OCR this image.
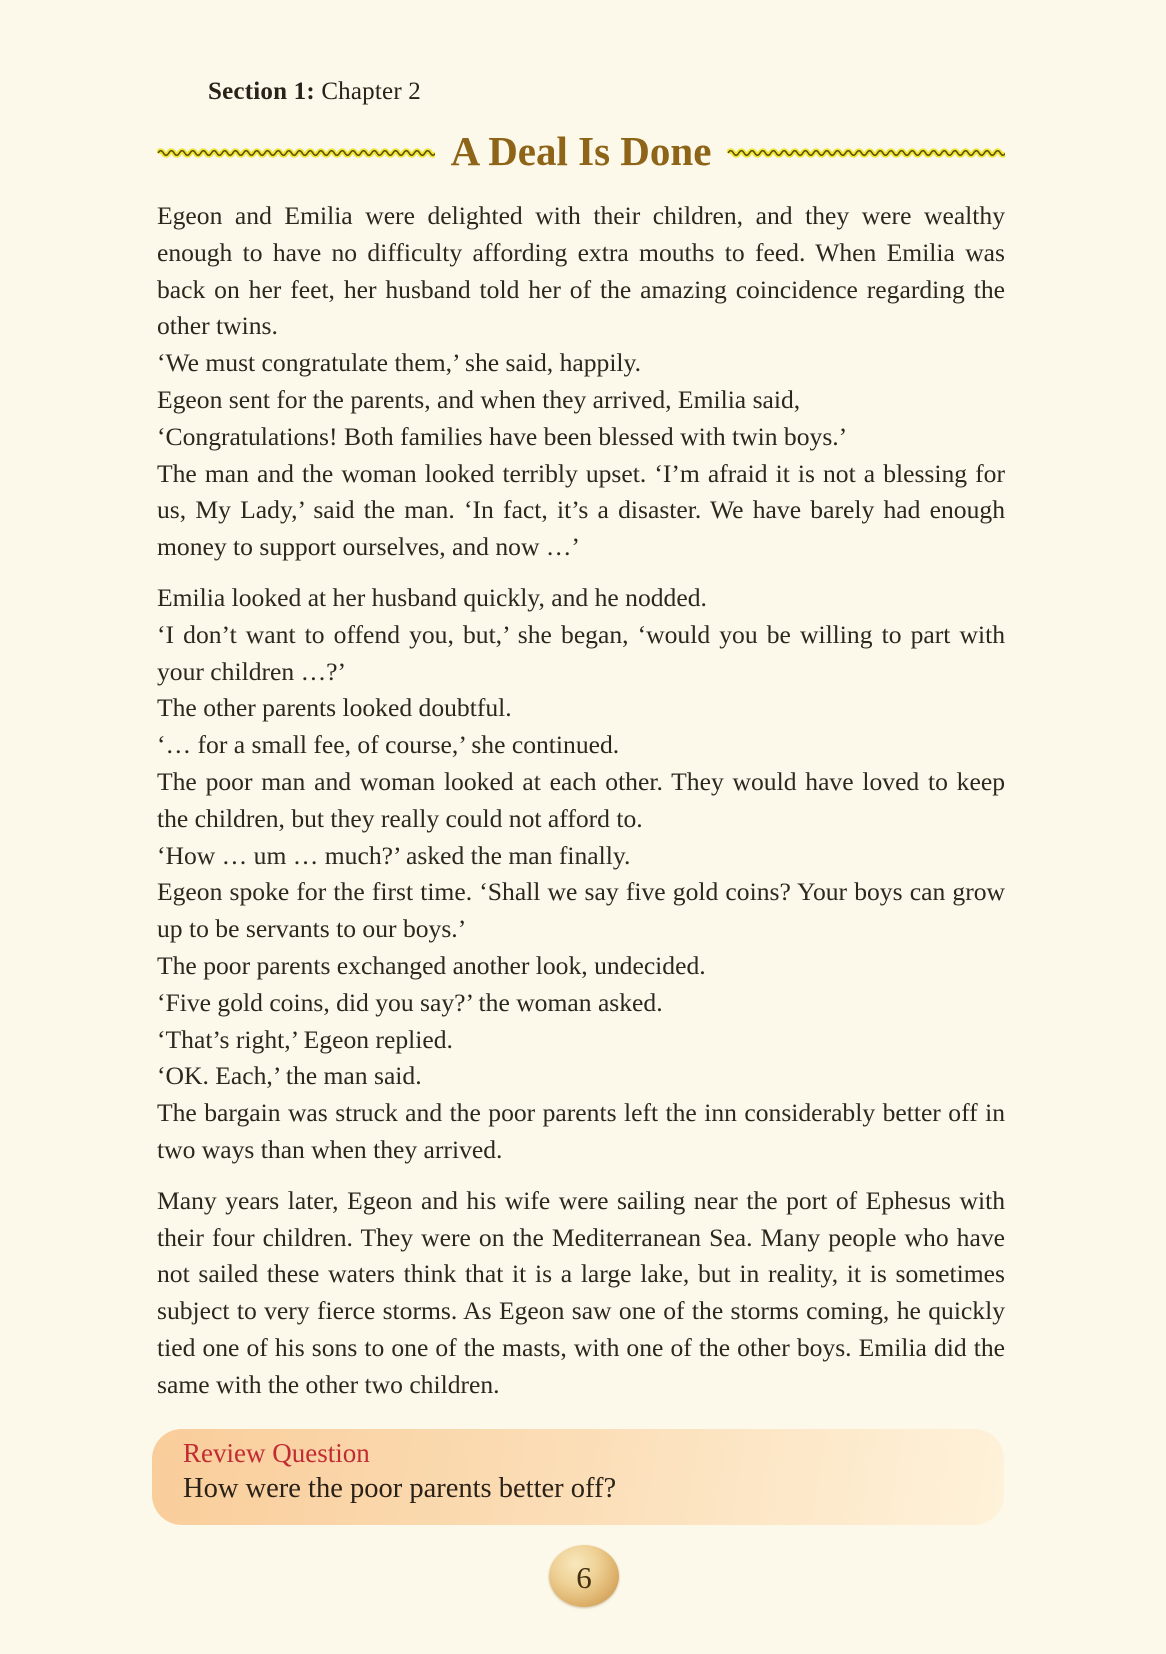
Section 1: Chapter 2
A Deal Is Done

Egeon and Emilia were delighted with their children, and they were wealthy enough to have no difficulty affording extra mouths to feed. When Emilia was back on her feet, her husband told her of the amazing coincidence regarding the other twins.

‘We must congratulate them,’ she said, happily.

Egeon sent for the parents, and when they arrived, Emilia said,

‘Congratulations! Both families have been blessed with twin boys.’

The man and the woman looked terribly upset. ‘I’m afraid it is not a blessing for us, My Lady,’ said the man. ‘In fact, it’s a disaster. We have barely had enough money to support ourselves, and now …’

Emilia looked at her husband quickly, and he nodded.

‘I don’t want to offend you, but,’ she began, ‘would you be willing to part with your children …?’

The other parents looked doubtful.

‘… for a small fee, of course,’ she continued.

The poor man and woman looked at each other. They would have loved to keep the children, but they really could not afford to.

‘How … um … much?’ asked the man finally.

Egeon spoke for the first time. ‘Shall we say five gold coins? Your boys can grow up to be servants to our boys.’

The poor parents exchanged another look, undecided.

‘Five gold coins, did you say?’ the woman asked.

‘That’s right,’ Egeon replied.

‘OK. Each,’ the man said.

The bargain was struck and the poor parents left the inn considerably better off in two ways than when they arrived.

Many years later, Egeon and his wife were sailing near the port of Ephesus with their four children. They were on the Mediterranean Sea. Many people who have not sailed these waters think that it is a large lake, but in reality, it is sometimes subject to very fierce storms. As Egeon saw one of the storms coming, he quickly tied one of his sons to one of the masts, with one of the other boys. Emilia did the same with the other two children.

Review Question

How were the poor parents better off?

6
